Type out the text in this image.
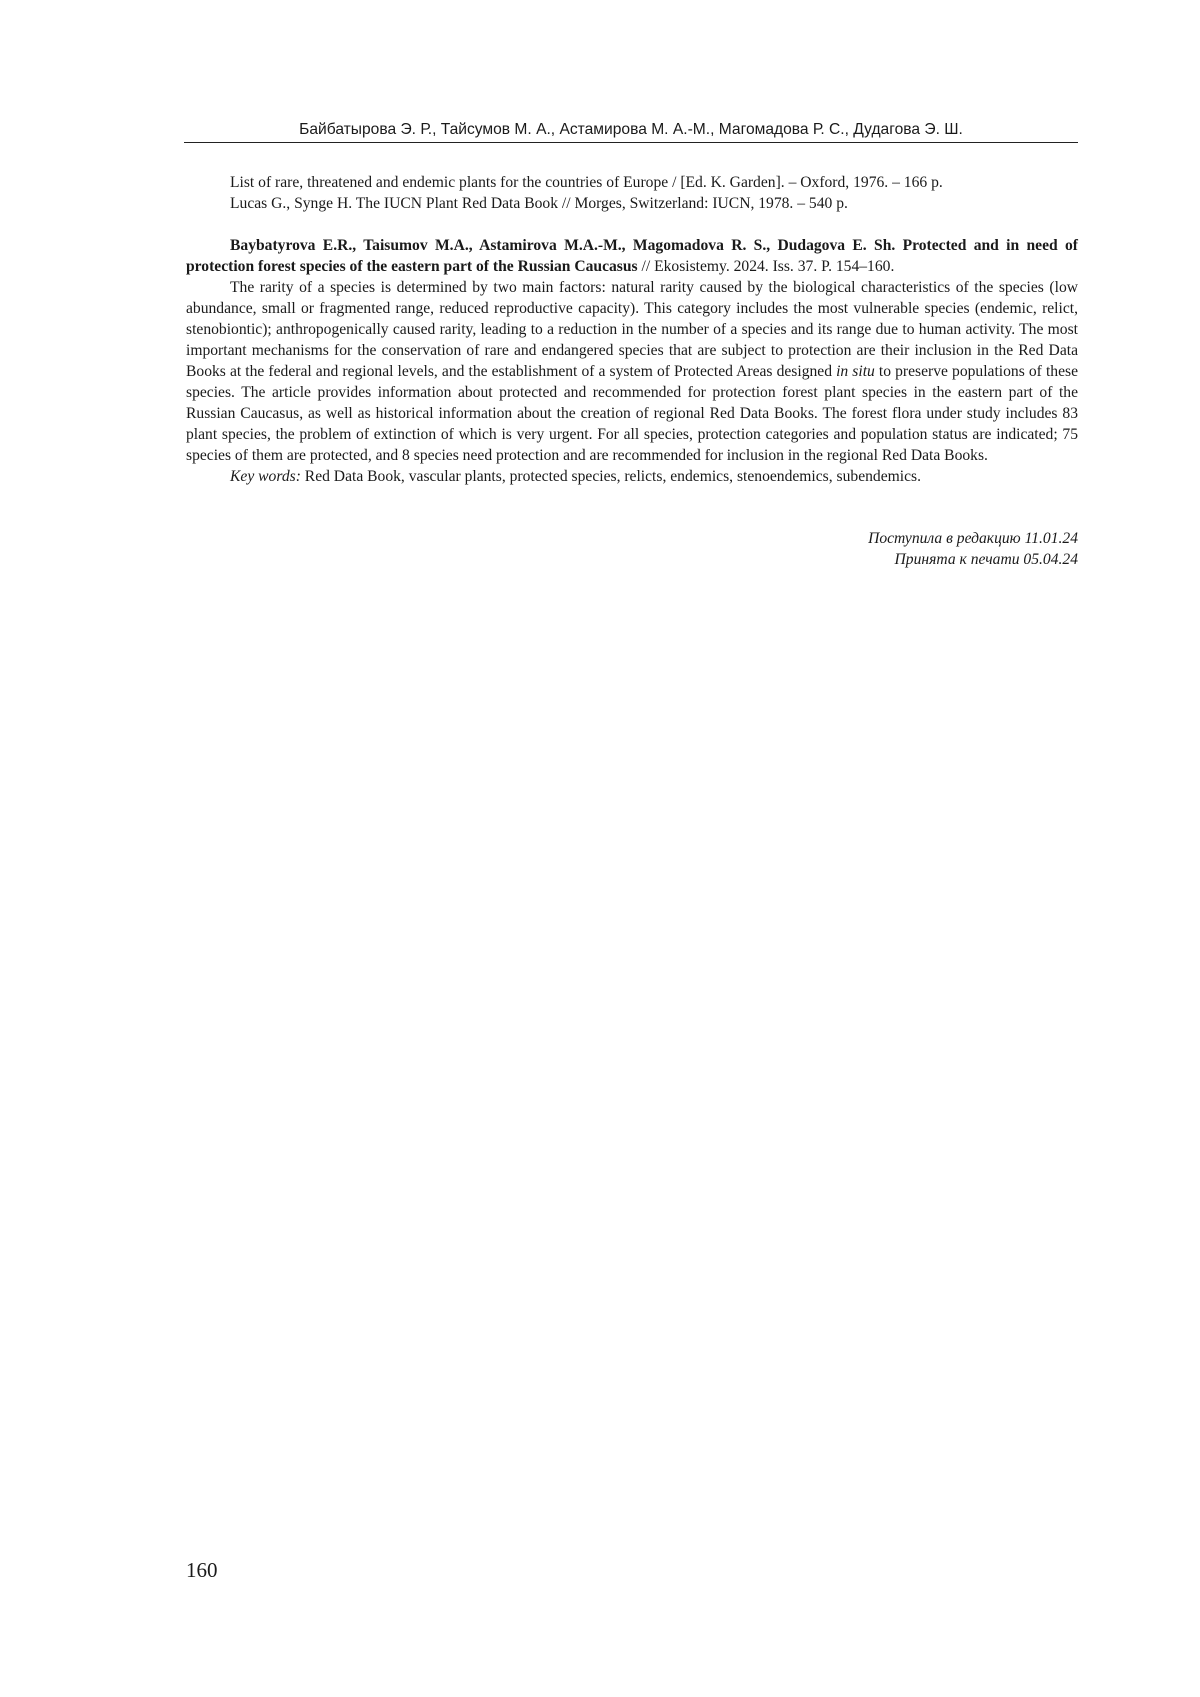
Байбатырова Э. Р., Тайсумов М. А., Астамирова М. А.-М., Магомадова Р. С., Дудагова Э. Ш.

List of rare, threatened and endemic plants for the countries of Europe / [Ed. K. Garden]. – Oxford, 1976. – 166 p.

Lucas G., Synge H. The IUCN Plant Red Data Book // Morges, Switzerland: IUCN, 1978. – 540 p.

Baybatyrova E.R., Taisumov M.A., Astamirova M.A.-M., Magomadova R. S., Dudagova E. Sh. Protected and in need of protection forest species of the eastern part of the Russian Caucasus // Ekosistemy. 2024. Iss. 37. P. 154–160.

The rarity of a species is determined by two main factors: natural rarity caused by the biological characteristics of the species (low abundance, small or fragmented range, reduced reproductive capacity). This category includes the most vulnerable species (endemic, relict, stenobiontic); anthropogenically caused rarity, leading to a reduction in the number of a species and its range due to human activity. The most important mechanisms for the conservation of rare and endangered species that are subject to protection are their inclusion in the Red Data Books at the federal and regional levels, and the establishment of a system of Protected Areas designed in situ to preserve populations of these species. The article provides information about protected and recommended for protection forest plant species in the eastern part of the Russian Caucasus, as well as historical information about the creation of regional Red Data Books. The forest flora under study includes 83 plant species, the problem of extinction of which is very urgent. For all species, protection categories and population status are indicated; 75 species of them are protected, and 8 species need protection and are recommended for inclusion in the regional Red Data Books.

Key words: Red Data Book, vascular plants, protected species, relicts, endemics, stenoendemics, subendemics.

Поступила в редакцию 11.01.24
Принята к печати 05.04.24
160
